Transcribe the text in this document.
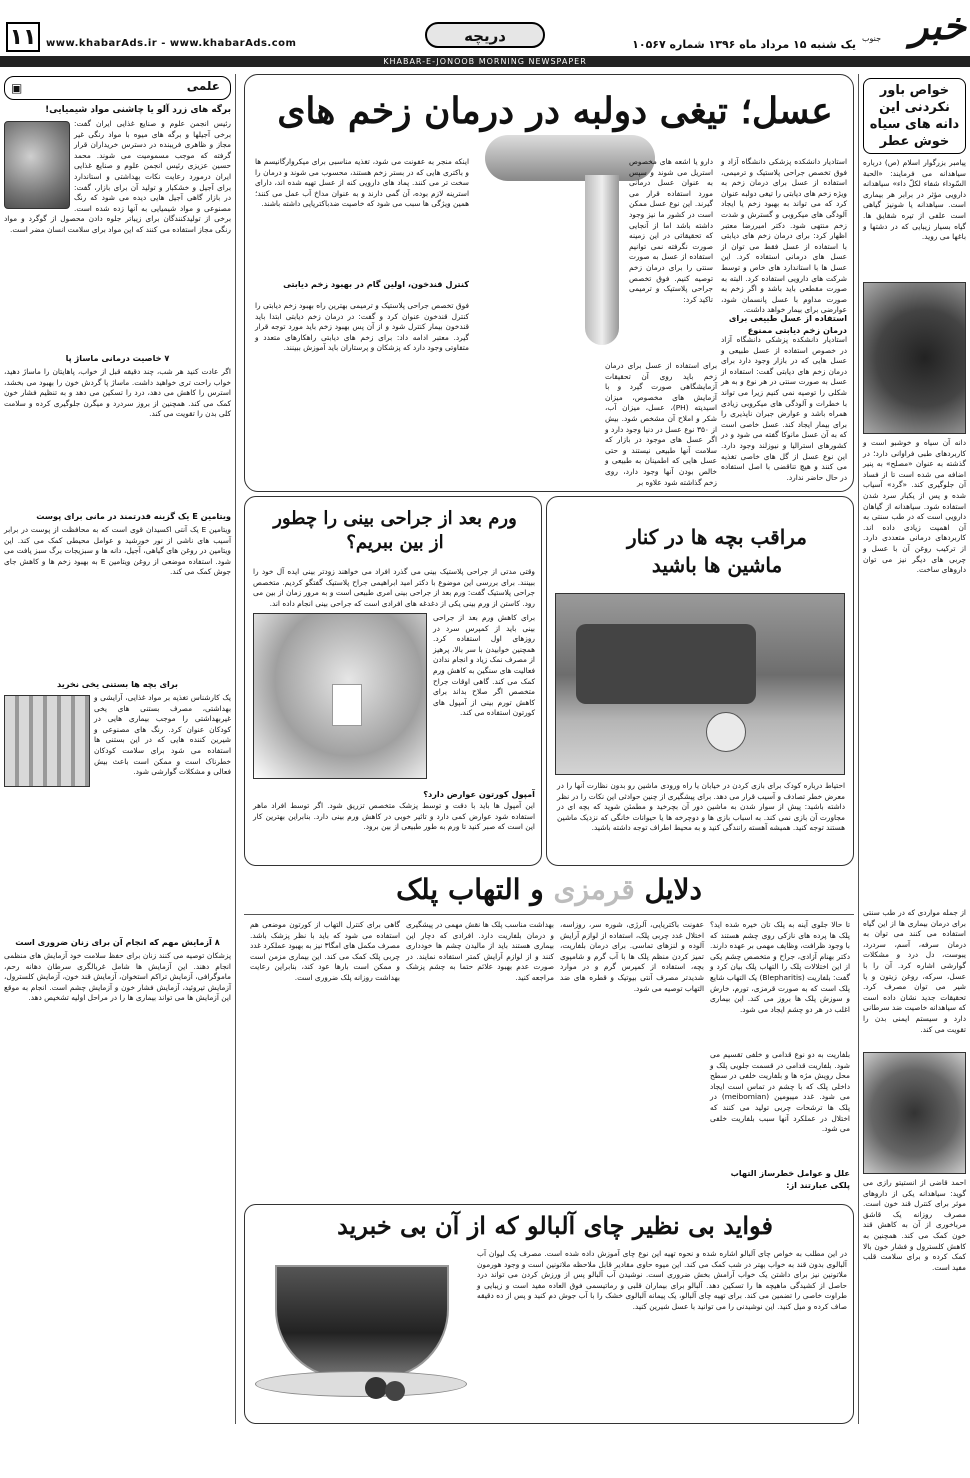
۱۱ www.khabarAds.ir - www.khabarAds.com	دریچه	یک شنبه ۱۵ مرداد ماه ۱۳۹۶ شماره ۱۰۵۶۷	خبر
جنوب
KHABAR-E-JONOOB MORNING NEWSPAPER
علمی
▣
برگه های زرد آلو یا چاشنی مواد شیمیایی!
رئیس انجمن علوم و صنایع غذایی ایران گفت: برخی آجیلها و برگه های میوه با مواد رنگی غیر مجاز و ظاهری فریبنده در دسترس خریداران قرار گرفته که موجب مسمومیت می شوند. محمد حسین عزیزی رئیس انجمن علوم و صنایع غذایی ایران درمورد رعایت نکات بهداشتی و استاندارد برای آجیل و خشکبار و تولید آن برای بازار، گفت: در بازار گاهی آجیل هایی دیده می شود که رنگ مصنوعی و مواد شیمیایی به آنها زده شده است. برخی از تولیدکنندگان برای زیباتر جلوه دادن محصول از گوگرد و مواد رنگی مجاز استفاده می کنند که این مواد برای سلامت انسان مضر است.
۷ خاصیت درمانی ماساژ پا
اگر عادت کنید هر شب، چند دقیقه قبل از خواب، پاهایتان را ماساژ دهید، خواب راحت تری خواهید داشت. ماساژ پا گردش خون را بهبود می بخشد، استرس را کاهش می دهد، درد را تسکین می دهد و به تنظیم فشار خون کمک می کند. همچنین از بروز سردرد و میگرن جلوگیری کرده و سلامت کلی بدن را تقویت می کند.
ویتامین E یک گزینه قدرتمند در مانی برای پوست
ویتامین E یک آنتی اکسیدان قوی است که به محافظت از پوست در برابر آسیب های ناشی از نور خورشید و عوامل محیطی کمک می کند. این ویتامین در روغن های گیاهی، آجیل، دانه ها و سبزیجات برگ سبز یافت می شود. استفاده موضعی از روغن ویتامین E به بهبود زخم ها و کاهش جای جوش کمک می کند.
برای بچه ها بستنی یخی نخرید
یک کارشناس تغذیه بر مواد غذایی، آرایشی و بهداشتی، مصرف بستنی های یخی غیربهداشتی را موجب بیماری هایی در کودکان عنوان کرد. رنگ های مصنوعی و شیرین کننده هایی که در این بستنی ها استفاده می شود برای سلامت کودکان خطرناک است و ممکن است باعث بیش فعالی و مشکلات گوارشی شود.
۸ آزمایش مهم که انجام آن برای زنان ضروری است
پزشکان توصیه می کنند زنان برای حفظ سلامت خود آزمایش های منظمی انجام دهند. این آزمایش ها شامل غربالگری سرطان دهانه رحم، ماموگرافی، آزمایش تراکم استخوان، آزمایش قند خون، آزمایش کلسترول، آزمایش تیروئید، آزمایش فشار خون و آزمایش چشم است. انجام به موقع این آزمایش ها می تواند بیماری ها را در مراحل اولیه تشخیص دهد.
عسل؛ تیغی دولبه در درمان زخم های
استادیار دانشکده پزشکی دانشگاه آزاد و فوق تخصص جراحی پلاستیک و ترمیمی، استفاده از عسل برای درمان زخم به ویژه زخم های دیابتی را تیغی دولبه عنوان کرد که می تواند به بهبود زخم یا ایجاد آلودگی های میکروبی و گسترش و شدت زخم منتهی شود. دکتر امیررضا معتبر اظهار کرد: برای درمان زخم های دیابتی با استفاده از عسل فقط می توان از عسل های درمانی استفاده کرد. این عسل ها با استاندارد های خاص و توسط شرکت های دارویی استفاده کرد. البته به صورت مقطعی باید باشد و اگر زخم به صورت مداوم با عسل پانسمان شود، عوارضی برای بیمار خواهد داشت.
استفاده از عسل طبیعی برای درمان زخم دیابتی ممنوع
استادیار دانشکده پزشکی دانشگاه آزاد در خصوص استفاده از عسل طبیعی و عسل هایی که در بازار وجود دارد برای درمان زخم های دیابتی گفت: استفاده از عسل به صورت سنتی در هر نوع و به هر شکلی را توصیه نمی کنیم زیرا می تواند با خطرات و آلودگی های میکروبی زیادی همراه باشد و عوارض جبران ناپذیری را برای بیمار ایجاد کند. عسل خاصی است که به آن عسل مانوکا گفته می شود و در کشورهای استرالیا و نیوزلند وجود دارد. این نوع عسل از گل های خاصی تغذیه می کنند و هیچ تناقضی با اصل استفاده در حال حاضر ندارد.
دارو یا اشعه های مخصوص استریل می شوند و سپس به عنوان عسل درمانی مورد استفاده قرار می گیرند. این نوع عسل ممکن است در کشور ما نیز وجود داشته باشد اما از آنجایی که تحقیقاتی در این زمینه صورت نگرفته نمی توانیم استفاده از عسل به صورت سنتی را برای درمان زخم توصیه کنیم. فوق تخصص جراحی پلاستیک و ترمیمی تاکید کرد:
برای استفاده از عسل برای درمان زخم باید روی آن تحقیقات آزمایشگاهی صورت گیرد و با آزمایش های مخصوص، میزان اسیدیته (PH)، عسل، میزان آب، شکر و املاح آن مشخص شود. بیش از ۳۵۰ نوع عسل در دنیا وجود دارد و اگر عسل های موجود در بازار که سلامت آنها طبیعی نیستند و حتی عسل هایی که اطمینان به طبیعی و خالص بودن آنها وجود دارد، روی زخم گذاشته شود علاوه بر
اینکه منجر به عفونت می شود، تغذیه مناسبی برای میکروارگانیسم ها و باکتری هایی که در بستر زخم هستند، محسوب می شوند و درمان را سخت تر می کنند. پماد های دارویی کنه از عسل تهیه شده اند، دارای استرینه لازم بوده، آن گمی دارند و به عنوان مداخ آب عمل می کنند؛ همین ویژگی ها سبب می شود که خاصیت ضدباکتریایی داشته باشند.
کنترل قندخون، اولین گام در بهبود زخم دیابتی
فوق تخصص جراحی پلاستیک و ترمیمی بهترین راه بهبود زخم دیابتی را کنترل قندخون عنوان کرد و گفت: در درمان زخم دیابتی ابتدا باید قندخون بیمار کنترل شود و از آن پس بهبود زخم باید مورد توجه قرار گیرد. معتبر ادامه داد: برای زخم های دیابتی راهکارهای متعدد و متفاوتی وجود دارد که پزشکان و پرستاران باید آموزش ببینند.
خواص باور نکردنی این دانه های سیاه خوش عطر
پیامبر بزرگوار اسلام (ص) درباره سیاهدانه می فرمایند: «الحبة السّوداء شفاء لکلّ داء» سیاهدانه دارویی مؤثر در برابر هر بیماری است. سیاهدانه یا شونیز گیاهی است علفی از تیره شقایق ها. گیاه بسیار زیبایی که در دشتها و باغها می روید.
دانه آن سیاه و خوشبو است و کاربردهای طبی فراوانی دارد؛ در گذشته به عنوان «مصلح» به پنیر اضافه می شده است تا از فساد آن جلوگیری کند. «گرد» آسیاب شده و پس از یکبار سرد شدن استفاده شود. سیاهدانه از گیاهان دارویی است که در طب سنتی به آن اهمیت زیادی داده اند. کاربردهای درمانی متعددی دارد. از ترکیب روغن آن با عسل و چربی های دیگر نیز می توان داروهای ساخت.
از جمله مواردی که در طب سنتی برای درمان بیماری ها از این گیاه استفاده می کنند می توان به درمان سرفه، آسم، سردرد، یبوست، دل درد و مشکلات گوارشی اشاره کرد. آن را با عسل، سرکه، روغن زیتون و یا شیر می توان مصرف کرد. تحقیقات جدید نشان داده است که سیاهدانه خاصیت ضد سرطانی دارد و سیستم ایمنی بدن را تقویت می کند.
احمد قاضی از انستیتو رازی می گوید: سیاهدانه یکی از داروهای موثر برای کنترل قند خون است. مصرف روزانه یک قاشق مرباخوری از آن به کاهش قند خون کمک می کند. همچنین به کاهش کلسترول و فشار خون بالا کمک کرده و برای سلامت قلب مفید است.
مراقب بچه ها در کنار ماشین ها باشید
احتیاط درباره کودک برای بازی کردن در خیابان یا راه ورودی ماشین رو بدون نظارت آنها را در معرض خطر تصادف و آسیب قرار می دهد. برای پیشگیری از چنین حوادثی این نکات را در نظر داشته باشید: پیش از سوار شدن به ماشین دور آن بچرخید و مطمئن شوید که بچه ای در مجاورت آن بازی نمی کند. به اسباب بازی ها و دوچرخه ها یا حیوانات خانگی که نزدیک ماشین هستند توجه کنید. همیشه آهسته رانندگی کنید و به محیط اطراف توجه داشته باشید.
ورم بعد از جراحی بینی را چطور از بین ببریم؟
وقتی مدتی از جراحی پلاستیک بینی می گذرد افراد می خواهند زودتر بینی ایده آل خود را ببینند. برای بررسی این موضوع با دکتر امید ابراهیمی جراح پلاستیک گفتگو کردیم. متخصص جراحی پلاستیک گفت: ورم بعد از جراحی بینی امری طبیعی است و به مرور زمان از بین می رود. کاستن از ورم بینی یکی از دغدغه های افرادی است که جراحی بینی انجام داده اند.
برای کاهش ورم بعد از جراحی بینی باید از کمپرس سرد در روزهای اول استفاده کرد. همچنین خوابیدن با سر بالا، پرهیز از مصرف نمک زیاد و انجام ندادن فعالیت های سنگین به کاهش ورم کمک می کند. گاهی اوقات جراح متخصص اگر صلاح بداند برای کاهش تورم بینی از آمپول های کورتون استفاده می کند.
آمپول کورتون عوارض دارد؟
این آمپول ها باید با دقت و توسط پزشک متخصص تزریق شود. اگر توسط افراد ماهر استفاده شود عوارض کمی دارد و تاثیر خوبی در کاهش ورم بینی دارد. بنابراین بهترین کار این است که صبر کنید تا ورم به طور طبیعی از بین برود.
دلایل قرمزی و التهاب پلک
تا حالا جلوی آینه به پلک تان خیره شده اید؟ پلک ها پرده های نازکی روی چشم هستند که با وجود ظرافت، وظایف مهمی بر عهده دارند. دکتر بهنام آزادی، جراح و متخصص چشم یکی از این اختلالات پلک را التهاب پلک بیان کرد و گفت: بلفاریت (Blepharitis) یک التهاب شایع پلک است که به صورت قرمزی، تورم، خارش و سوزش پلک ها بروز می کند. این بیماری اغلب در هر دو چشم ایجاد می شود.
بلفاریت به دو نوع قدامی و خلفی تقسیم می شود. بلفاریت قدامی در قسمت جلویی پلک و محل رویش مژه ها و بلفاریت خلفی در سطح داخلی پلک که با چشم در تماس است ایجاد می شود. غدد میبومین (meibomian) در پلک ها ترشحات چربی تولید می کنند که اختلال در عملکرد آنها سبب بلفاریت خلفی می شود.
علل و عوامل خطرساز التهاب پلکی عبارتند از:
عفونت باکتریایی، آلرژی، شوره سر، روزاسه، اختلال غدد چربی پلک، استفاده از لوازم آرایش آلوده و لنزهای تماسی. برای درمان بلفاریت، تمیز کردن منظم پلک ها با آب گرم و شامپوی بچه، استفاده از کمپرس گرم و در موارد شدیدتر مصرف آنتی بیوتیک و قطره های ضد التهاب توصیه می شود.
بهداشت مناسب پلک ها نقش مهمی در پیشگیری و درمان بلفاریت دارد. افرادی که دچار این بیماری هستند باید از مالیدن چشم ها خودداری کنند و از لوازم آرایش کمتر استفاده نمایند. در صورت عدم بهبود علائم حتما به چشم پزشک مراجعه کنید.
گاهی برای کنترل التهاب از کورتون موضعی هم استفاده می شود که باید با نظر پزشک باشد. مصرف مکمل های امگا۳ نیز به بهبود عملکرد غدد چربی پلک کمک می کند. این بیماری مزمن است و ممکن است بارها عود کند، بنابراین رعایت بهداشت روزانه پلک ضروری است.
فواید بی نظیر چای آلبالو که از آن بی خبرید
در این مطلب به خواص چای آلبالو اشاره شده و نحوه تهیه این نوع چای آموزش داده شده است. مصرف یک لیوان آب آلبالوی بدون قند به خواب بهتر در شب کمک می کند. این میوه حاوی مقادیر قابل ملاحظه ملاتونین است و وجود هورمون ملاتونین نیز برای داشتن یک خواب آرامش بخش ضروری است. نوشیدن آب آلبالو پس از ورزش کردن می تواند درد حاصل از کشیدگی ماهیچه ها را تسکین دهد. آلبالو برای بیماران قلبی و رماتیسمی فوق العاده مفید است و زیبایی و طراوت خاصی را تضمین می کند. برای تهیه چای آلبالو، یک پیمانه آلبالوی خشک را با آب جوش دم کنید و پس از ده دقیقه صاف کرده و میل کنید. این نوشیدنی را می توانید با عسل شیرین کنید.
